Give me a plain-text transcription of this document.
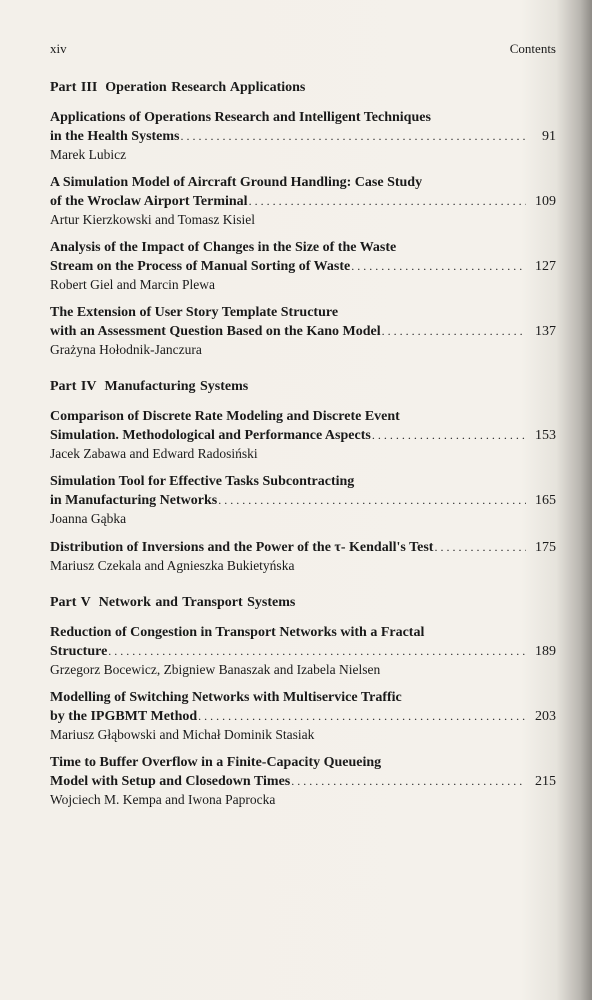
xiv	Contents
Part III Operation Research Applications
Applications of Operations Research and Intelligent Techniques
in the Health Systems . . .	91
Marek Lubicz
A Simulation Model of Aircraft Ground Handling: Case Study
of the Wroclaw Airport Terminal . . .	109
Artur Kierzkowski and Tomasz Kisiel
Analysis of the Impact of Changes in the Size of the Waste
Stream on the Process of Manual Sorting of Waste . . .	127
Robert Giel and Marcin Plewa
The Extension of User Story Template Structure
with an Assessment Question Based on the Kano Model . . .	137
Grażyna Hołodnik-Janczura
Part IV Manufacturing Systems
Comparison of Discrete Rate Modeling and Discrete Event
Simulation. Methodological and Performance Aspects . . .	153
Jacek Zabawa and Edward Radosiński
Simulation Tool for Effective Tasks Subcontracting
in Manufacturing Networks . . .	165
Joanna Gąbka
Distribution of Inversions and the Power of the τ- Kendall's Test . . .	175
Mariusz Czekala and Agnieszka Bukietyńska
Part V Network and Transport Systems
Reduction of Congestion in Transport Networks with a Fractal
Structure . . .	189
Grzegorz Bocewicz, Zbigniew Banaszak and Izabela Nielsen
Modelling of Switching Networks with Multiservice Traffic
by the IPGBMT Method . . .	203
Mariusz Głąbowski and Michał Dominik Stasiak
Time to Buffer Overflow in a Finite-Capacity Queueing
Model with Setup and Closedown Times . . .	215
Wojciech M. Kempa and Iwona Paprocka
